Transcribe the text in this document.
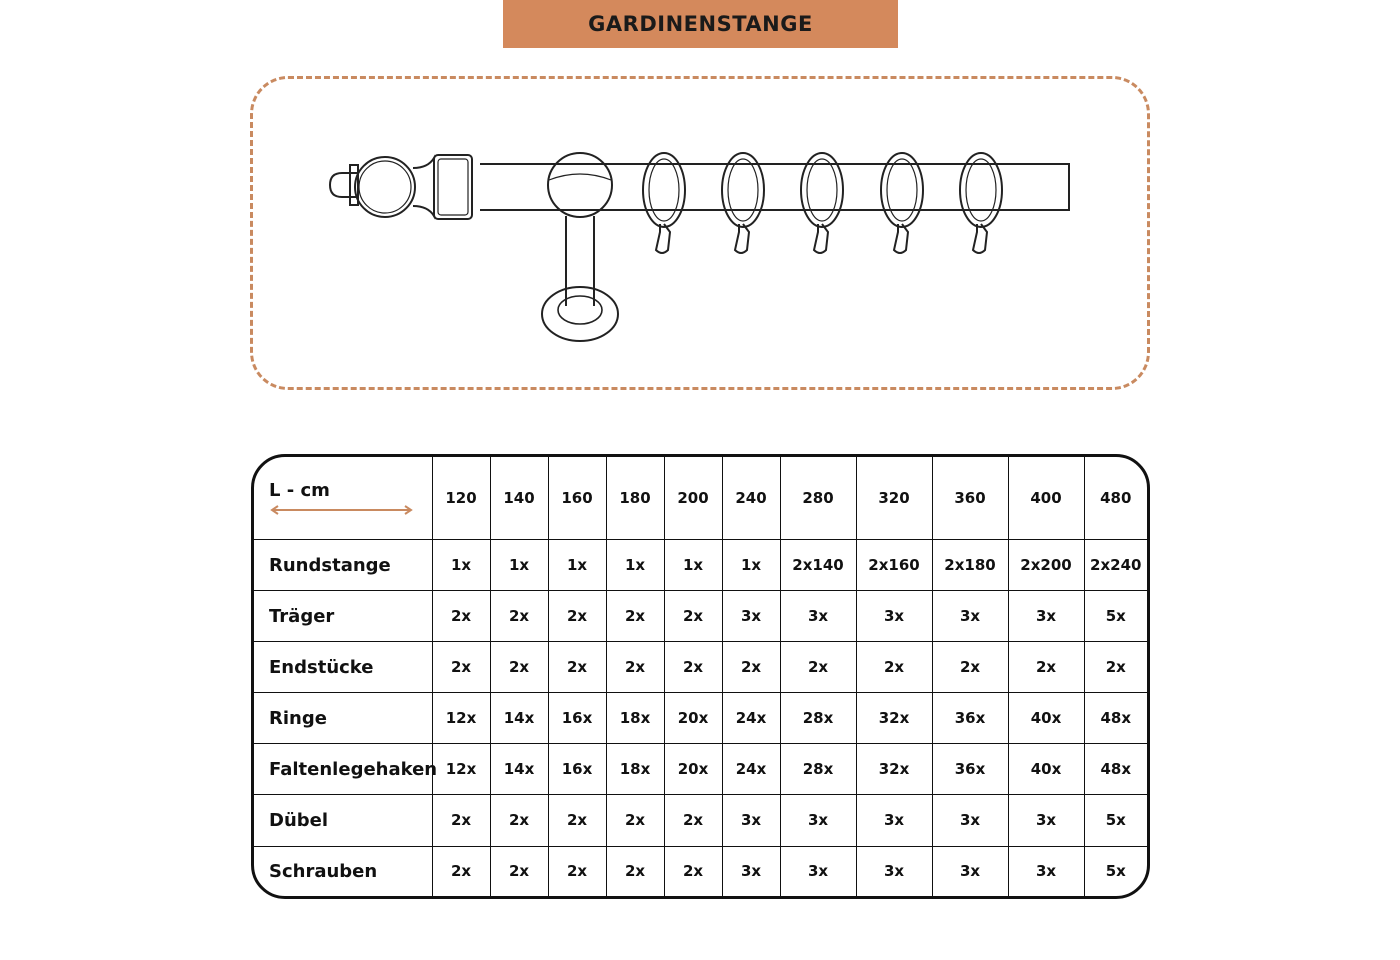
GARDINENSTANGE
L - cm	120	140	160	180	200	240	280	320	360	400	480
Rundstange	1x	1x	1x	1x	1x	1x	2x140	2x160	2x180	2x200	2x240
Träger	2x	2x	2x	2x	2x	3x	3x	3x	3x	3x	5x
Endstücke	2x	2x	2x	2x	2x	2x	2x	2x	2x	2x	2x
Ringe	12x	14x	16x	18x	20x	24x	28x	32x	36x	40x	48x
Faltenlegehaken	12x	14x	16x	18x	20x	24x	28x	32x	36x	40x	48x
Dübel	2x	2x	2x	2x	2x	3x	3x	3x	3x	3x	5x
Schrauben	2x	2x	2x	2x	2x	3x	3x	3x	3x	3x	5x
